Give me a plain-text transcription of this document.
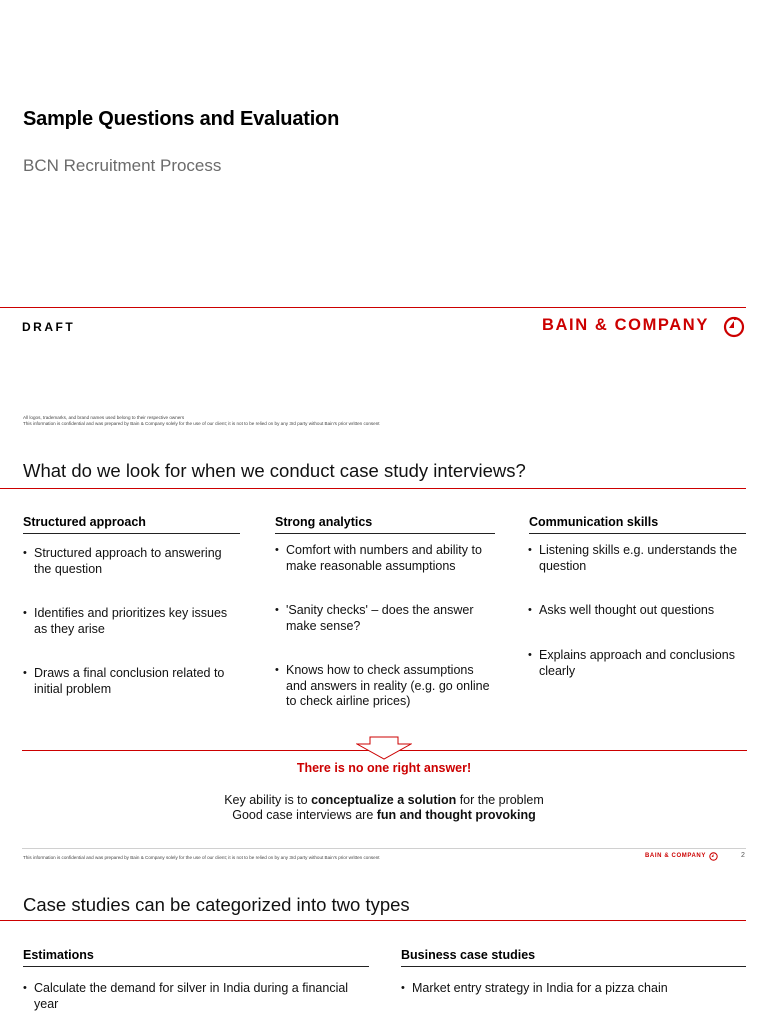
Sample Questions and Evaluation
BCN Recruitment Process
DRAFT	BAIN & COMPANY
All logos, trademarks, and brand names used belong to their respective owners
This information is confidential and was prepared by Bain & Company solely for the use of our client; it is not to be relied on by any 3rd party without Bain's prior written consent
What do we look for when we conduct case study interviews?
Structured approach
• Structured approach to answering the question
• Identifies and prioritizes key issues as they arise
• Draws a final conclusion related to initial problem
Strong analytics
• Comfort with numbers and ability to make reasonable assumptions
• 'Sanity checks' – does the answer make sense?
• Knows how to check assumptions and answers in reality (e.g. go online to check airline prices)
Communication skills
• Listening skills e.g. understands the question
• Asks well thought out questions
• Explains approach and conclusions clearly
There is no one right answer!
Key ability is to conceptualize a solution for the problem
Good case interviews are fun and thought provoking
This information is confidential and was prepared by Bain & Company solely for the use of our client; it is not to be relied on by any 3rd party without Bain's prior written consent	BAIN & COMPANY	2
Case studies can be categorized into two types
Estimations
• Calculate the demand for silver in India during a financial year
Business case studies
• Market entry strategy in India for a pizza chain
